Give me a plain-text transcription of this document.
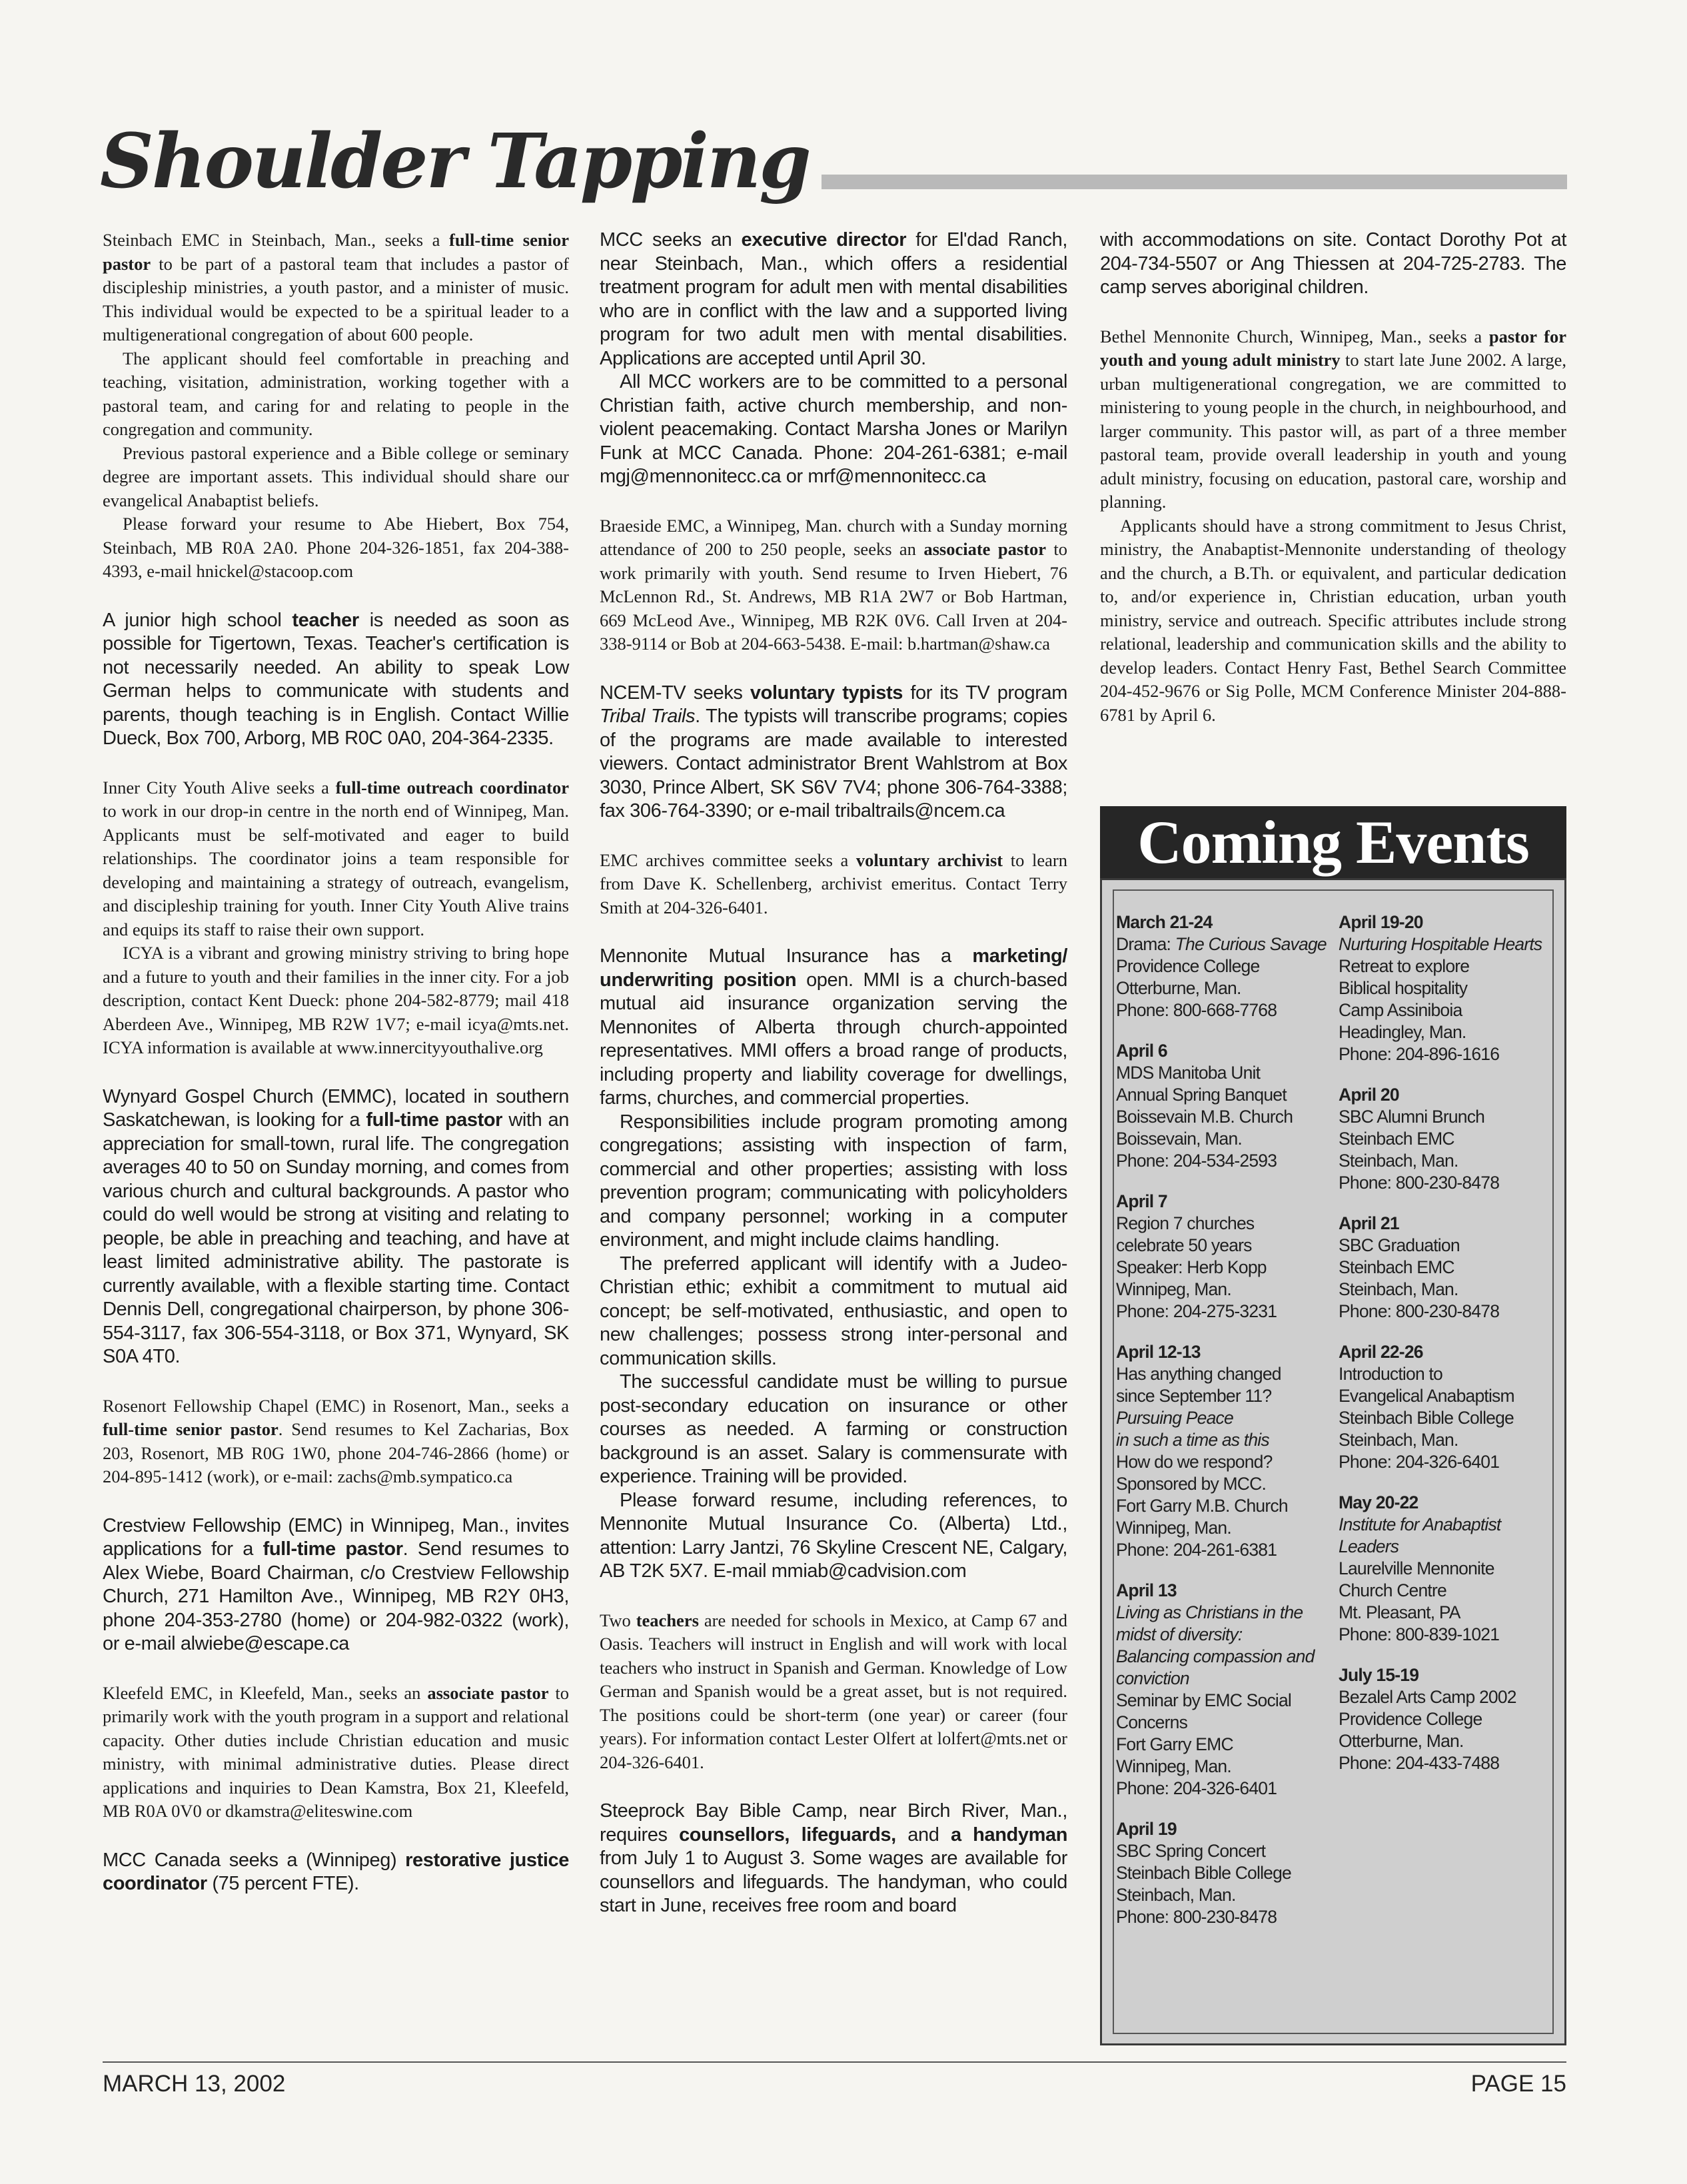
Shoulder Tapping

Steinbach EMC in Steinbach, Man., seeks a full-time senior pastor to be part of a pastoral team that includes a pastor of discipleship ministries, a youth pastor, and a minister of music. This individual would be expected to be a spiritual leader to a multigenerational congregation of about 600 people.

The applicant should feel comfortable in preaching and teaching, visitation, administration, working together with a pastoral team, and caring for and relating to people in the congregation and community.

Previous pastoral experience and a Bible college or seminary degree are important assets. This individual should share our evangelical Anabaptist beliefs.

Please forward your resume to Abe Hiebert, Box 754, Steinbach, MB R0A 2A0. Phone 204-326-1851, fax 204-388-4393, e-mail hnickel@stacoop.com

A junior high school teacher is needed as soon as possible for Tigertown, Texas. Teacher's certification is not necessarily needed. An ability to speak Low German helps to communicate with students and parents, though teaching is in English. Contact Willie Dueck, Box 700, Arborg, MB R0C 0A0, 204-364-2335.

Inner City Youth Alive seeks a full-time outreach coordinator to work in our drop-in centre in the north end of Winnipeg, Man. Applicants must be self-motivated and eager to build relationships. The coordinator joins a team responsible for developing and maintaining a strategy of outreach, evangelism, and discipleship training for youth. Inner City Youth Alive trains and equips its staff to raise their own support.

ICYA is a vibrant and growing ministry striving to bring hope and a future to youth and their families in the inner city. For a job description, contact Kent Dueck: phone 204-582-8779; mail 418 Aberdeen Ave., Winnipeg, MB R2W 1V7; e-mail icya@mts.net. ICYA information is available at www.innercityyouthalive.org

Wynyard Gospel Church (EMMC), located in southern Saskatchewan, is looking for a full-time pastor with an appreciation for small-town, rural life. The congregation averages 40 to 50 on Sunday morning, and comes from various church and cultural backgrounds. A pastor who could do well would be strong at visiting and relating to people, be able in preaching and teaching, and have at least limited administrative ability. The pastorate is currently available, with a flexible starting time. Contact Dennis Dell, congregational chairperson, by phone 306-554-3117, fax 306-554-3118, or Box 371, Wynyard, SK S0A 4T0.

Rosenort Fellowship Chapel (EMC) in Rosenort, Man., seeks a full-time senior pastor. Send resumes to Kel Zacharias, Box 203, Rosenort, MB R0G 1W0, phone 204-746-2866 (home) or 204-895-1412 (work), or e-mail: zachs@mb.sympatico.ca

Crestview Fellowship (EMC) in Winnipeg, Man., invites applications for a full-time pastor. Send resumes to Alex Wiebe, Board Chairman, c/o Crestview Fellowship Church, 271 Hamilton Ave., Winnipeg, MB R2Y 0H3, phone 204-353-2780 (home) or 204-982-0322 (work), or e-mail alwiebe@escape.ca

Kleefeld EMC, in Kleefeld, Man., seeks an associate pastor to primarily work with the youth program in a support and relational capacity. Other duties include Christian education and music ministry, with minimal administrative duties. Please direct applications and inquiries to Dean Kamstra, Box 21, Kleefeld, MB R0A 0V0 or dkamstra@eliteswine.com

MCC Canada seeks a (Winnipeg) restorative justice coordinator (75 percent FTE).

MCC seeks an executive director for El'dad Ranch, near Steinbach, Man., which offers a residential treatment program for adult men with mental disabilities who are in conflict with the law and a supported living program for two adult men with mental disabilities. Applications are accepted until April 30.

All MCC workers are to be committed to a personal Christian faith, active church membership, and non-violent peacemaking. Contact Marsha Jones or Marilyn Funk at MCC Canada. Phone: 204-261-6381; e-mail mgj@mennonitecc.ca or mrf@mennonitecc.ca

Braeside EMC, a Winnipeg, Man. church with a Sunday morning attendance of 200 to 250 people, seeks an associate pastor to work primarily with youth. Send resume to Irven Hiebert, 76 McLennon Rd., St. Andrews, MB R1A 2W7 or Bob Hartman, 669 McLeod Ave., Winnipeg, MB R2K 0V6. Call Irven at 204-338-9114 or Bob at 204-663-5438. E-mail: b.hartman@shaw.ca

NCEM-TV seeks voluntary typists for its TV program Tribal Trails. The typists will transcribe programs; copies of the programs are made available to interested viewers. Contact administrator Brent Wahlstrom at Box 3030, Prince Albert, SK S6V 7V4; phone 306-764-3388; fax 306-764-3390; or e-mail tribaltrails@ncem.ca

EMC archives committee seeks a voluntary archivist to learn from Dave K. Schellenberg, archivist emeritus. Contact Terry Smith at 204-326-6401.

Mennonite Mutual Insurance has a marketing/ underwriting position open. MMI is a church-based mutual aid insurance organization serving the Mennonites of Alberta through church-appointed representatives. MMI offers a broad range of products, including property and liability coverage for dwellings, farms, churches, and commercial properties.

Responsibilities include program promoting among congregations; assisting with inspection of farm, commercial and other properties; assisting with loss prevention program; communicating with policyholders and company personnel; working in a computer environment, and might include claims handling.

The preferred applicant will identify with a Judeo-Christian ethic; exhibit a commitment to mutual aid concept; be self-motivated, enthusiastic, and open to new challenges; possess strong inter-personal and communication skills.

The successful candidate must be willing to pursue post-secondary education on insurance or other courses as needed. A farming or construction background is an asset. Salary is commensurate with experience. Training will be provided.

Please forward resume, including references, to Mennonite Mutual Insurance Co. (Alberta) Ltd., attention: Larry Jantzi, 76 Skyline Crescent NE, Calgary, AB T2K 5X7. E-mail mmiab@cadvision.com

Two teachers are needed for schools in Mexico, at Camp 67 and Oasis. Teachers will instruct in English and will work with local teachers who instruct in Spanish and German. Knowledge of Low German and Spanish would be a great asset, but is not required. The positions could be short-term (one year) or career (four years). For information contact Lester Olfert at lolfert@mts.net or 204-326-6401.

Steeprock Bay Bible Camp, near Birch River, Man., requires counsellors, lifeguards, and a handyman from July 1 to August 3. Some wages are available for counsellors and lifeguards. The handyman, who could start in June, receives free room and board

with accommodations on site. Contact Dorothy Pot at 204-734-5507 or Ang Thiessen at 204-725-2783. The camp serves aboriginal children.

Bethel Mennonite Church, Winnipeg, Man., seeks a pastor for youth and young adult ministry to start late June 2002. A large, urban multigenerational congregation, we are committed to ministering to young people in the church, in neighbourhood, and larger community. This pastor will, as part of a three member pastoral team, provide overall leadership in youth and young adult ministry, focusing on education, pastoral care, worship and planning.

Applicants should have a strong commitment to Jesus Christ, ministry, the Anabaptist-Mennonite understanding of theology and the church, a B.Th. or equivalent, and particular dedication to, and/or experience in, Christian education, urban youth ministry, service and outreach. Specific attributes include strong relational, leadership and communication skills and the ability to develop leaders. Contact Henry Fast, Bethel Search Committee 204-452-9676 or Sig Polle, MCM Conference Minister 204-888-6781 by April 6.

Coming Events
March 21-24
Drama: The Curious Savage
Providence College
Otterburne, Man.
Phone: 800-668-7768
April 6
MDS Manitoba Unit
Annual Spring Banquet
Boissevain M.B. Church
Boissevain, Man.
Phone: 204-534-2593
April 7
Region 7 churches
celebrate 50 years
Speaker: Herb Kopp
Winnipeg, Man.
Phone: 204-275-3231
April 12-13
Has anything changed
since September 11?
Pursuing Peace
in such a time as this
How do we respond?
Sponsored by MCC.
Fort Garry M.B. Church
Winnipeg, Man.
Phone: 204-261-6381
April 13
Living as Christians in the midst of diversity:
Balancing compassion and conviction
Seminar by EMC Social Concerns
Fort Garry EMC
Winnipeg, Man.
Phone: 204-326-6401
April 19
SBC Spring Concert
Steinbach Bible College
Steinbach, Man.
Phone: 800-230-8478
April 19-20
Nurturing Hospitable Hearts
Retreat to explore
Biblical hospitality
Camp Assiniboia
Headingley, Man.
Phone: 204-896-1616
April 20
SBC Alumni Brunch
Steinbach EMC
Steinbach, Man.
Phone: 800-230-8478
April 21
SBC Graduation
Steinbach EMC
Steinbach, Man.
Phone: 800-230-8478
April 22-26
Introduction to
Evangelical Anabaptism
Steinbach Bible College
Steinbach, Man.
Phone: 204-326-6401
May 20-22
Institute for Anabaptist Leaders
Laurelville Mennonite Church Centre
Mt. Pleasant, PA
Phone: 800-839-1021
July 15-19
Bezalel Arts Camp 2002
Providence College
Otterburne, Man.
Phone: 204-433-7488
MARCH 13, 2002	PAGE 15
